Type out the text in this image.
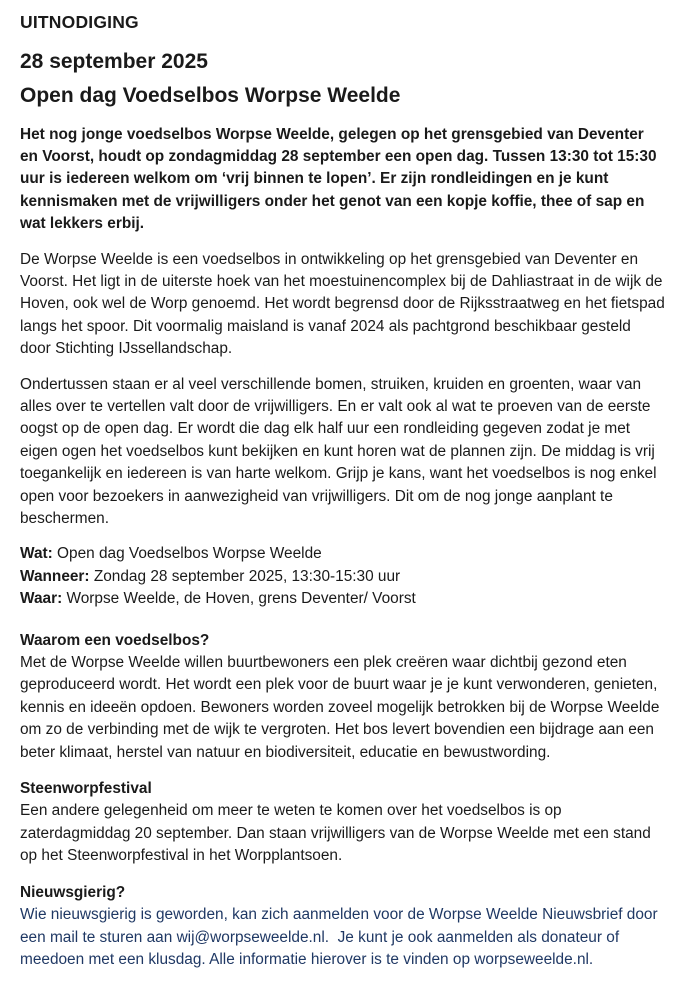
UITNODIGING

28 september 2025
Open dag Voedselbos Worpse Weelde

Het nog jonge voedselbos Worpse Weelde, gelegen op het grensgebied van Deventer en Voorst, houdt op zondagmiddag 28 september een open dag. Tussen 13:30 tot 15:30 uur is iedereen welkom om ‘vrij binnen te lopen’. Er zijn rondleidingen en je kunt kennismaken met de vrijwilligers onder het genot van een kopje koffie, thee of sap en wat lekkers erbij.

De Worpse Weelde is een voedselbos in ontwikkeling op het grensgebied van Deventer en Voorst. Het ligt in de uiterste hoek van het moestuinencomplex bij de Dahliastraat in de wijk de Hoven, ook wel de Worp genoemd. Het wordt begrensd door de Rijksstraatweg en het fietspad langs het spoor. Dit voormalig maisland is vanaf 2024 als pachtgrond beschikbaar gesteld door Stichting IJssellandschap.

Ondertussen staan er al veel verschillende bomen, struiken, kruiden en groenten, waar van alles over te vertellen valt door de vrijwilligers. En er valt ook al wat te proeven van de eerste oogst op de open dag. Er wordt die dag elk half uur een rondleiding gegeven zodat je met eigen ogen het voedselbos kunt bekijken en kunt horen wat de plannen zijn. De middag is vrij toegankelijk en iedereen is van harte welkom. Grijp je kans, want het voedselbos is nog enkel open voor bezoekers in aanwezigheid van vrijwilligers. Dit om de nog jonge aanplant te beschermen.

Wat: Open dag Voedselbos Worpse Weelde

Wanneer: Zondag 28 september 2025, 13:30-15:30 uur

Waar: Worpse Weelde, de Hoven, grens Deventer/ Voorst

Waarom een voedselbos?

Met de Worpse Weelde willen buurtbewoners een plek creëren waar dichtbij gezond eten geproduceerd wordt. Het wordt een plek voor de buurt waar je je kunt verwonderen, genieten, kennis en ideeën opdoen. Bewoners worden zoveel mogelijk betrokken bij de Worpse Weelde om zo de verbinding met de wijk te vergroten. Het bos levert bovendien een bijdrage aan een beter klimaat, herstel van natuur en biodiversiteit, educatie en bewustwording.

Steenworpfestival

Een andere gelegenheid om meer te weten te komen over het voedselbos is op zaterdagmiddag 20 september. Dan staan vrijwilligers van de Worpse Weelde met een stand op het Steenworpfestival in het Worpplantsoen.

Nieuwsgierig?

Wie nieuwsgierig is geworden, kan zich aanmelden voor de Worpse Weelde Nieuwsbrief door een mail te sturen aan wij@worpseweelde.nl.  Je kunt je ook aanmelden als donateur of meedoen met een klusdag. Alle informatie hierover is te vinden op worpseweelde.nl.
